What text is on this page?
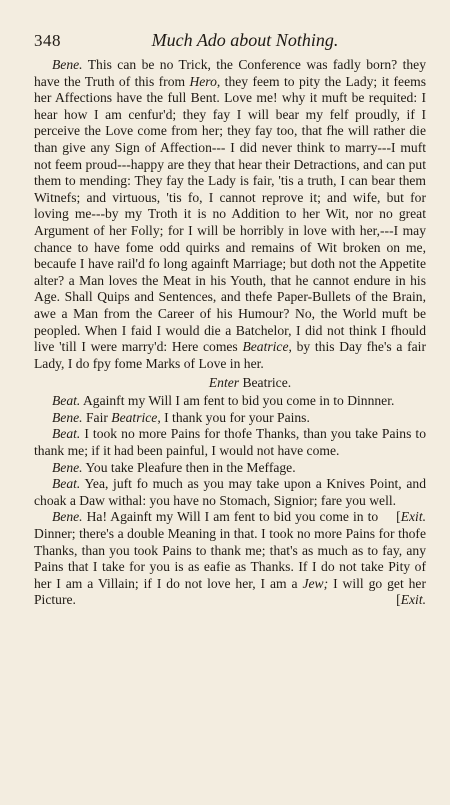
348	Much Ado about Nothing.

Bene. This can be no Trick, the Conference was fadly born? they have the Truth of this from Hero, they feem to pity the Lady; it feems her Affections have the full Bent. Love me! why it muft be requited: I hear how I am cenfur'd; they fay I will bear my felf proudly, if I perceive the Love come from her; they fay too, that fhe will rather die than give any Sign of Affection--- I did never think to marry---I muft not feem proud---happy are they that hear their Detractions, and can put them to mending: They fay the Lady is fair, 'tis a truth, I can bear them Witnefs; and virtuous, 'tis fo, I cannot reprove it; and wife, but for loving me---by my Troth it is no Addition to her Wit, nor no great Argument of her Folly; for I will be horribly in love with her,---I may chance to have fome odd quirks and remains of Wit broken on me, becaufe I have rail'd fo long againft Marriage; but doth not the Appetite alter? a Man loves the Meat in his Youth, that he cannot endure in his Age. Shall Quips and Sentences, and thefe Paper-Bullets of the Brain, awe a Man from the Career of his Humour? No, the World muft be peopled. When I faid I would die a Batchelor, I did not think I fhould live 'till I were marry'd: Here comes Beatrice, by this Day fhe's a fair Lady, I do fpy fome Marks of Love in her.

Enter Beatrice.

Beat. Againft my Will I am fent to bid you come in to Dinnner.

Bene. Fair Beatrice, I thank you for your Pains.

Beat. I took no more Pains for thofe Thanks, than you take Pains to thank me; if it had been painful, I would not have come.

Bene. You take Pleafure then in the Meffage.

Beat. Yea, juft fo much as you may take upon a Knives Point, and choak a Daw withal: you have no Stomach, Signior; fare you well.
[Exit.

Bene. Ha! Againft my Will I am fent to bid you come in to Dinner; there's a double Meaning in that. I took no more Pains for thofe Thanks, than you took Pains to thank me; that's as much as to fay, any Pains that I take for you is as eafie as Thanks. If I do not take Pity of her I am a Villain; if I do not love her, I am a Jew; I will go get her Picture.	[Exit.
